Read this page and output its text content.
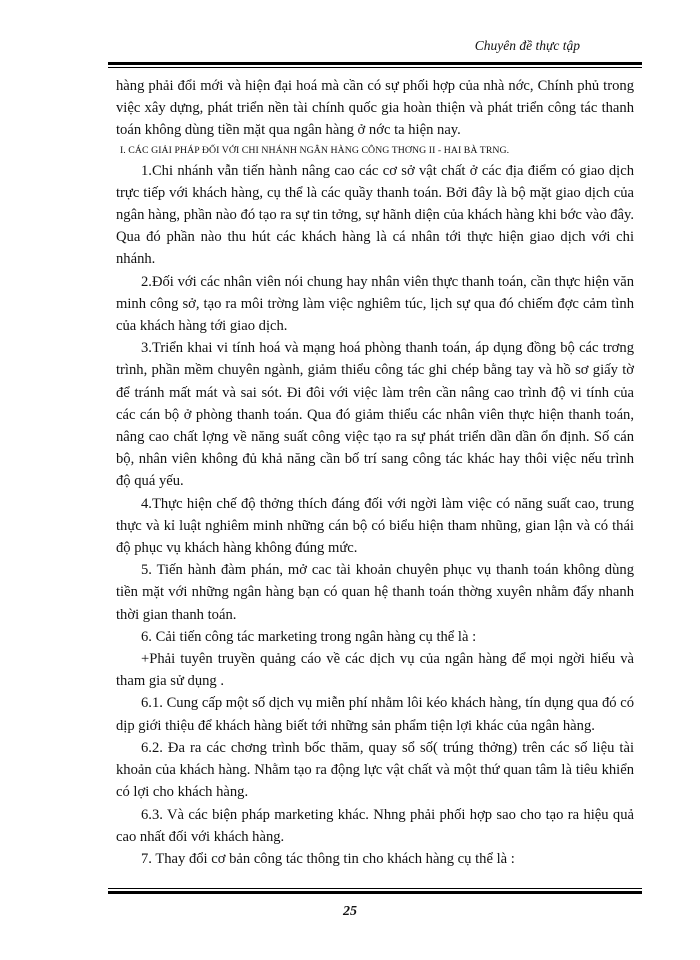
Chuyên đề thực tập

hàng phải đổi mới và hiện đại hoá mà cần có sự phối hợp của nhà nớc, Chính phủ trong việc xây dựng, phát triển nền tài chính quốc gia hoàn thiện và phát triển công tác thanh toán không dùng tiền mặt qua ngân hàng ở nớc ta hiện nay.

I. CÁC GIẢI PHÁP ĐỐI VỚI CHI NHÁNH NGÂN HÀNG CÔNG THƠNG II - HAI BÀ TRNG.

1.Chi nhánh vẫn tiến hành nâng cao các cơ sở vật chất ở các địa điểm có giao dịch trực tiếp với khách hàng, cụ thể là các quầy thanh toán. Bởi đây là bộ mặt giao dịch của ngân hàng, phần nào đó tạo ra sự tin tởng, sự hãnh diện của khách hàng khi bớc vào đây. Qua đó phần nào thu hút các khách hàng là cá nhân tới thực hiện giao dịch với chi nhánh.

2.Đối với các nhân viên nói chung hay nhân viên thực thanh toán, cần thực hiện văn minh công sở, tạo ra môi trờng làm việc nghiêm túc, lịch sự qua đó chiếm đợc cảm tình của khách hàng tới giao dịch.

3.Triển khai vi tính hoá và mạng hoá phòng thanh toán, áp dụng đồng bộ các trơng trình, phần mềm chuyên ngành, giảm thiểu công tác ghi chép bằng tay và hồ sơ giấy tờ để tránh mất mát và sai sót. Đi đôi với việc làm trên cần nâng cao trình độ vi tính của các cán bộ ở phòng thanh toán. Qua đó giảm thiểu các nhân viên thực hiện thanh toán, nâng cao chất lợng về năng suất công việc tạo ra sự phát triển dần dần ổn định. Số cán bộ, nhân viên không đủ khả năng cần bố trí sang công tác khác hay thôi việc nếu trình độ quá yếu.

4.Thực hiện chế độ thởng thích đáng đối với ngời làm việc có năng suất cao, trung thực và kỉ luật nghiêm minh những cán bộ có biểu hiện tham nhũng, gian lận và có thái độ phục vụ khách hàng không đúng mức.

5. Tiến hành đàm phán, mở cac tài khoản chuyên phục vụ thanh toán không dùng tiền mặt với những ngân hàng bạn có quan hệ thanh toán thờng xuyên nhằm đẩy nhanh thời gian thanh toán.

6. Cải tiến công tác marketing trong ngân hàng cụ thể là :

+Phải tuyên truyền quảng cáo về các dịch vụ của ngân hàng để mọi ngời hiểu và tham gia sử dụng .

6.1. Cung cấp một số dịch vụ miễn phí nhằm lôi kéo khách hàng, tín dụng qua đó có dịp giới thiệu để khách hàng biết tới những sản phẩm tiện lợi khác của ngân hàng.

6.2. Đa ra các chơng trình bốc thăm, quay sổ số( trúng thởng) trên các số liệu tài khoản của khách hàng. Nhằm tạo ra động lực vật chất và một thứ quan tâm là tiêu khiển có lợi cho khách hàng.

6.3. Và các biện pháp marketing khác. Nhng phải phối hợp sao cho tạo ra hiệu quả cao nhất đối với khách hàng.

7. Thay đổi cơ bản công tác thông tin cho khách hàng cụ thể là :

25
